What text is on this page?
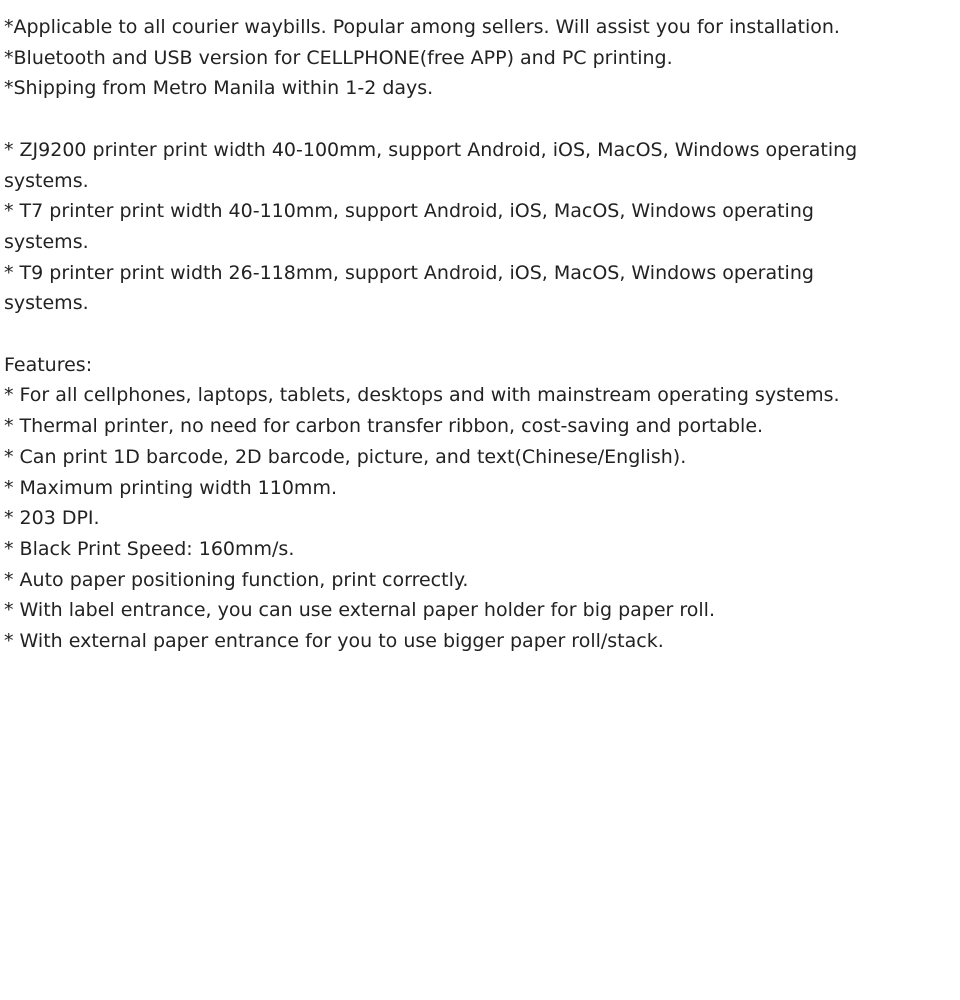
*Applicable to all courier waybills. Popular among sellers. Will assist you for installation.
*Bluetooth and USB version for CELLPHONE(free APP) and PC printing.
*Shipping from Metro Manila within 1-2 days.
* ZJ9200 printer print width 40-100mm, support Android, iOS, MacOS, Windows operating systems.
* T7 printer print width 40-110mm, support Android, iOS, MacOS, Windows operating systems.
* T9 printer print width 26-118mm, support Android, iOS, MacOS, Windows operating systems.
Features:
* For all cellphones, laptops, tablets, desktops and with mainstream operating systems.
* Thermal printer, no need for carbon transfer ribbon, cost-saving and portable.
* Can print 1D barcode, 2D barcode, picture, and text(Chinese/English).
* Maximum printing width 110mm.
* 203 DPI.
* Black Print Speed: 160mm/s.
* Auto paper positioning function, print correctly.
* With label entrance, you can use external paper holder for big paper roll.
* With external paper entrance for you to use bigger paper roll/stack.
